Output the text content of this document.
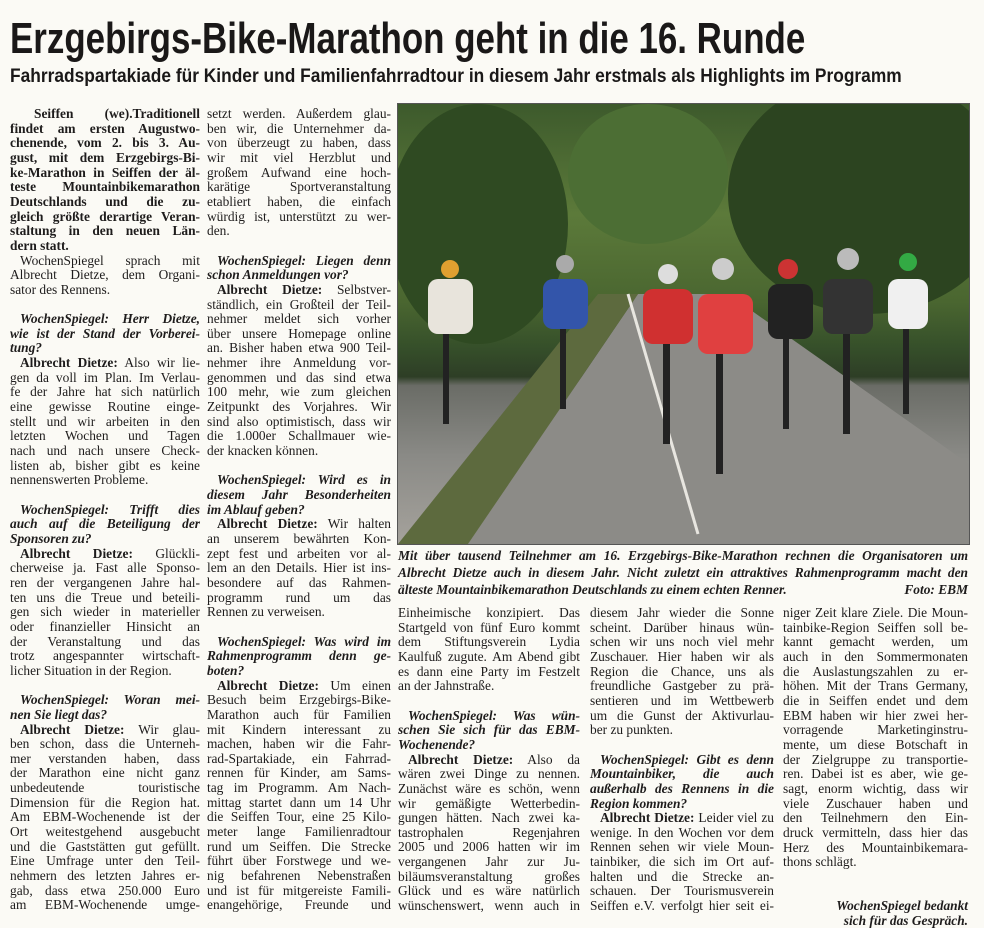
Erzgebirgs-Bike-Marathon geht in die 16. Runde
Fahrradspartakiade für Kinder und Familienfahrradtour in diesem Jahr erstmals als Highlights im Programm
Seiffen (we).Traditionell
findet am ersten Augustwo-
chenende, vom 2. bis 3. Au-
gust, mit dem Erzgebirgs-Bi-
ke-Marathon in Seiffen der äl-
teste Mountainbikemarathon
Deutschlands und die zu-
gleich größte derartige Veran-
staltung in den neuen Län-
dern statt.
WochenSpiegel sprach mit
Albrecht Dietze, dem Organi-
sator des Rennens.
WochenSpiegel: Herr Dietze,
wie ist der Stand der Vorberei-
tung?
Albrecht Dietze: Also wir lie-
gen da voll im Plan. Im Verlau-
fe der Jahre hat sich natürlich
eine gewisse Routine einge-
stellt und wir arbeiten in den
letzten Wochen und Tagen
nach und nach unsere Check-
listen ab, bisher gibt es keine
nennenswerten Probleme.
WochenSpiegel: Trifft dies
auch auf die Beteiligung der
Sponsoren zu?
Albrecht Dietze: Glückli-
cherweise ja. Fast alle Sponso-
ren der vergangenen Jahre hal-
ten uns die Treue und beteili-
gen sich wieder in materieller
oder finanzieller Hinsicht an
der Veranstaltung und das
trotz angespannter wirtschaft-
licher Situation in der Region.
WochenSpiegel: Woran mei-
nen Sie liegt das?
Albrecht Dietze: Wir glau-
ben schon, dass die Unterneh-
mer verstanden haben, dass
der Marathon eine nicht ganz
unbedeutende touristische
Dimension für die Region hat.
Am EBM-Wochenende ist der
Ort weitestgehend ausgebucht
und die Gaststätten gut gefüllt.
Eine Umfrage unter den Teil-
nehmern des letzten Jahres er-
gab, dass etwa 250.000 Euro
am EBM-Wochenende umge-
setzt werden. Außerdem glau-
ben wir, die Unternehmer da-
von überzeugt zu haben, dass
wir mit viel Herzblut und
großem Aufwand eine hoch-
karätige Sportveranstaltung
etabliert haben, die einfach
würdig ist, unterstützt zu wer-
den.
WochenSpiegel: Liegen denn
schon Anmeldungen vor?
Albrecht Dietze: Selbstver-
ständlich, ein Großteil der Teil-
nehmer meldet sich vorher
über unsere Homepage online
an. Bisher haben etwa 900 Teil-
nehmer ihre Anmeldung vor-
genommen und das sind etwa
100 mehr, wie zum gleichen
Zeitpunkt des Vorjahres. Wir
sind also optimistisch, dass wir
die 1.000er Schallmauer wie-
der knacken können.
WochenSpiegel: Wird es in
diesem Jahr Besonderheiten
im Ablauf geben?
Albrecht Dietze: Wir halten
an unserem bewährten Kon-
zept fest und arbeiten vor al-
lem an den Details. Hier ist ins-
besondere auf das Rahmen-
programm rund um das
Rennen zu verweisen.
WochenSpiegel: Was wird im
Rahmenprogramm denn ge-
boten?
Albrecht Dietze: Um einen
Besuch beim Erzgebirgs-Bike-
Marathon auch für Familien
mit Kindern interessant zu
machen, haben wir die Fahr-
rad-Spartakiade, ein Fahrrad-
rennen für Kinder, am Sams-
tag im Programm. Am Nach-
mittag startet dann um 14 Uhr
die Seiffen Tour, eine 25 Kilo-
meter lange Familienradtour
rund um Seiffen. Die Strecke
führt über Forstwege und we-
nig befahrenen Nebenstraßen
und ist für mitgereiste Famili-
enangehörige, Freunde und
Mit über tausend Teilnehmer am 16. Erzgebirgs-Bike-Marathon rechnen die Organisatoren um
Albrecht Dietze auch in diesem Jahr. Nicht zuletzt ein attraktives Rahmenprogramm macht den
älteste Mountainbikemarathon Deutschlands zu einem echten Renner.	Foto: EBM
Einheimische konzipiert. Das
Startgeld von fünf Euro kommt
dem Stiftungsverein Lydia
Kaulfuß zugute. Am Abend gibt
es dann eine Party im Festzelt
an der Jahnstraße.
WochenSpiegel: Was wün-
schen Sie sich für das EBM-
Wochenende?
Albrecht Dietze: Also da
wären zwei Dinge zu nennen.
Zunächst wäre es schön, wenn
wir gemäßigte Wetterbedin-
gungen hätten. Nach zwei ka-
tastrophalen Regenjahren
2005 und 2006 hatten wir im
vergangenen Jahr zur Ju-
biläumsveranstaltung großes
Glück und es wäre natürlich
wünschenswert, wenn auch in
diesem Jahr wieder die Sonne
scheint. Darüber hinaus wün-
schen wir uns noch viel mehr
Zuschauer. Hier haben wir als
Region die Chance, uns als
freundliche Gastgeber zu prä-
sentieren und im Wettbewerb
um die Gunst der Aktivurlau-
ber zu punkten.
WochenSpiegel: Gibt es denn
Mountainbiker, die auch
außerhalb des Rennens in die
Region kommen?
Albrecht Dietze: Leider viel zu
wenige. In den Wochen vor dem
Rennen sehen wir viele Moun-
tainbiker, die sich im Ort auf-
halten und die Strecke an-
schauen. Der Tourismusverein
Seiffen e.V. verfolgt hier seit ei-
niger Zeit klare Ziele. Die Moun-
tainbike-Region Seiffen soll be-
kannt gemacht werden, um
auch in den Sommermonaten
die Auslastungszahlen zu er-
höhen. Mit der Trans Germany,
die in Seiffen endet und dem
EBM haben wir hier zwei her-
vorragende Marketinginstru-
mente, um diese Botschaft in
der Zielgruppe zu transportie-
ren. Dabei ist es aber, wie ge-
sagt, enorm wichtig, dass wir
viele Zuschauer haben und
den Teilnehmern den Ein-
druck vermitteln, dass hier das
Herz des Mountainbikemara-
thons schlägt.
WochenSpiegel bedankt
sich für das Gespräch.
